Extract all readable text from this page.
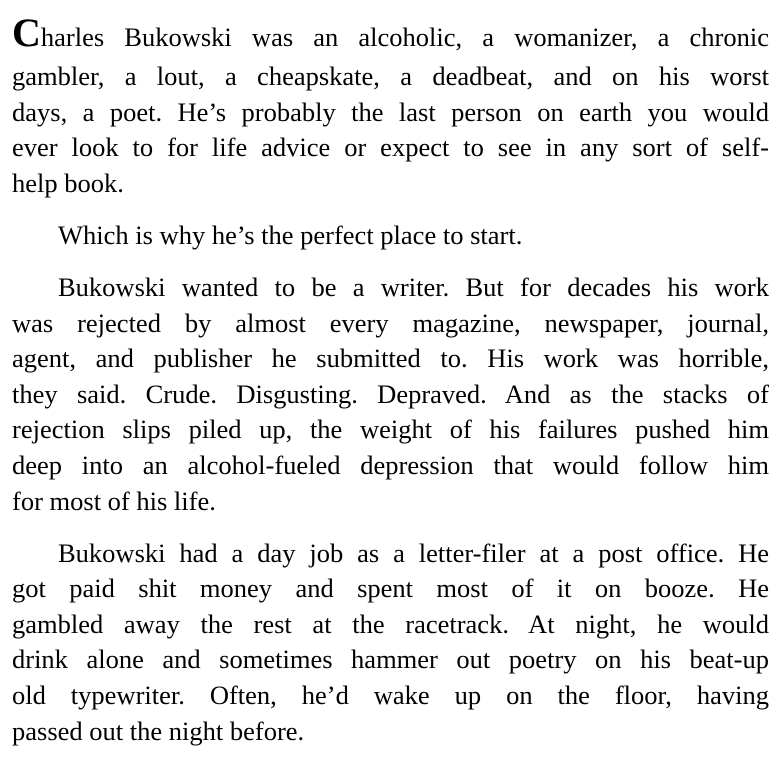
Charles Bukowski was an alcoholic, a womanizer, a chronic
gambler, a lout, a cheapskate, a deadbeat, and on his worst
days, a poet. He’s probably the last person on earth you would
ever look to for life advice or expect to see in any sort of self-
help book.
Which is why he’s the perfect place to start.
Bukowski wanted to be a writer. But for decades his work
was rejected by almost every magazine, newspaper, journal,
agent, and publisher he submitted to. His work was horrible,
they said. Crude. Disgusting. Depraved. And as the stacks of
rejection slips piled up, the weight of his failures pushed him
deep into an alcohol-fueled depression that would follow him
for most of his life.
Bukowski had a day job as a letter-filer at a post office. He
got paid shit money and spent most of it on booze. He
gambled away the rest at the racetrack. At night, he would
drink alone and sometimes hammer out poetry on his beat-up
old typewriter. Often, he’d wake up on the floor, having
passed out the night before.
